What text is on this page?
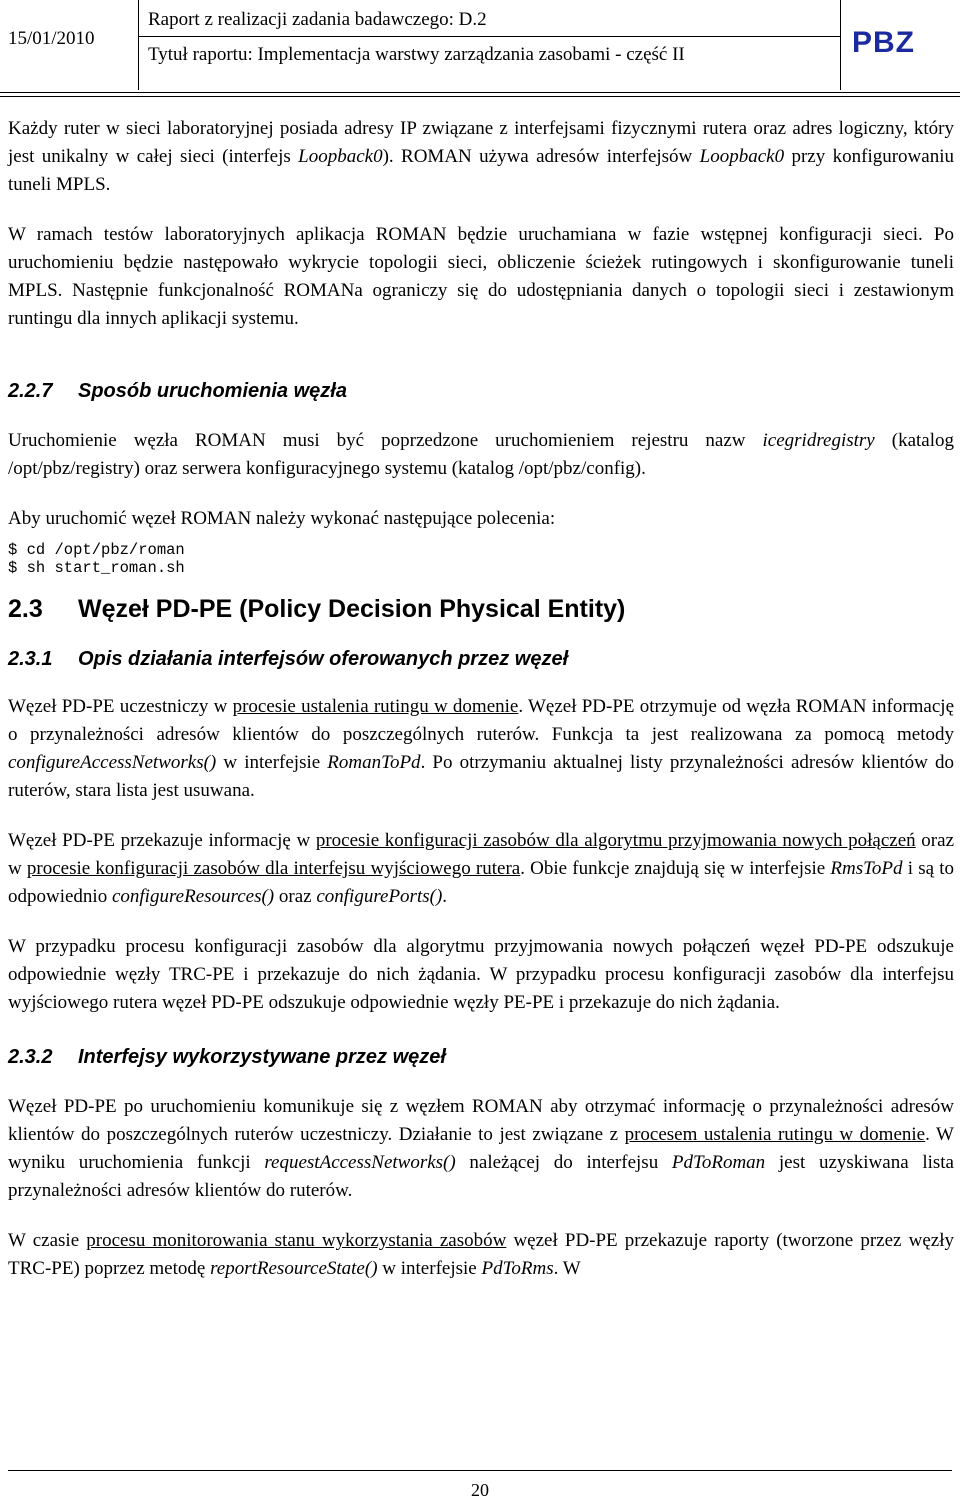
15/01/2010
Raport z realizacji zadania badawczego: D.2
Tytuł raportu: Implementacja warstwy zarządzania zasobami - część II	PBZ

Każdy ruter w sieci laboratoryjnej posiada adresy IP związane z interfejsami fizycznymi rutera oraz adres logiczny, który jest unikalny w całej sieci (interfejs Loopback0). ROMAN używa adresów interfejsów Loopback0 przy konfigurowaniu tuneli MPLS.

W ramach testów laboratoryjnych aplikacja ROMAN będzie uruchamiana w fazie wstępnej konfiguracji sieci. Po uruchomieniu będzie następowało wykrycie topologii sieci, obliczenie ścieżek rutingowych i skonfigurowanie tuneli MPLS. Następnie funkcjonalność ROMANa ograniczy się do udostępniania danych o topologii sieci i zestawionym runtingu dla innych aplikacji systemu.

2.2.7 Sposób uruchomienia węzła

Uruchomienie węzła ROMAN musi być poprzedzone uruchomieniem rejestru nazw icegridregistry (katalog /opt/pbz/registry) oraz serwera konfiguracyjnego systemu (katalog /opt/pbz/config).

Aby uruchomić węzeł ROMAN należy wykonać następujące polecenia:

$ cd /opt/pbz/roman
$ sh start_roman.sh
2.3 Węzeł PD-PE (Policy Decision Physical Entity)
2.3.1 Opis działania interfejsów oferowanych przez węzeł

Węzeł PD-PE uczestniczy w procesie ustalenia rutingu w domenie. Węzeł PD-PE otrzymuje od węzła ROMAN informację o przynależności adresów klientów do poszczególnych ruterów. Funkcja ta jest realizowana za pomocą metody configureAccessNetworks() w interfejsie RomanToPd. Po otrzymaniu aktualnej listy przynależności adresów klientów do ruterów, stara lista jest usuwana.

Węzeł PD-PE przekazuje informację w procesie konfiguracji zasobów dla algorytmu przyjmowania nowych połączeń oraz w procesie konfiguracji zasobów dla interfejsu wyjściowego rutera. Obie funkcje znajdują się w interfejsie RmsToPd i są to odpowiednio configureResources() oraz configurePorts().

W przypadku procesu konfiguracji zasobów dla algorytmu przyjmowania nowych połączeń węzeł PD-PE odszukuje odpowiednie węzły TRC-PE i przekazuje do nich żądania. W przypadku procesu konfiguracji zasobów dla interfejsu wyjściowego rutera węzeł PD-PE odszukuje odpowiednie węzły PE-PE i przekazuje do nich żądania.

2.3.2 Interfejsy wykorzystywane przez węzeł

Węzeł PD-PE po uruchomieniu komunikuje się z węzłem ROMAN aby otrzymać informację o przynależności adresów klientów do poszczególnych ruterów uczestniczy. Działanie to jest związane z procesem ustalenia rutingu w domenie. W wyniku uruchomienia funkcji requestAccessNetworks() należącej do interfejsu PdToRoman jest uzyskiwana lista przynależności adresów klientów do ruterów.

W czasie procesu monitorowania stanu wykorzystania zasobów węzeł PD-PE przekazuje raporty (tworzone przez węzły TRC-PE) poprzez metodę reportResourceState() w interfejsie PdToRms. W

20
